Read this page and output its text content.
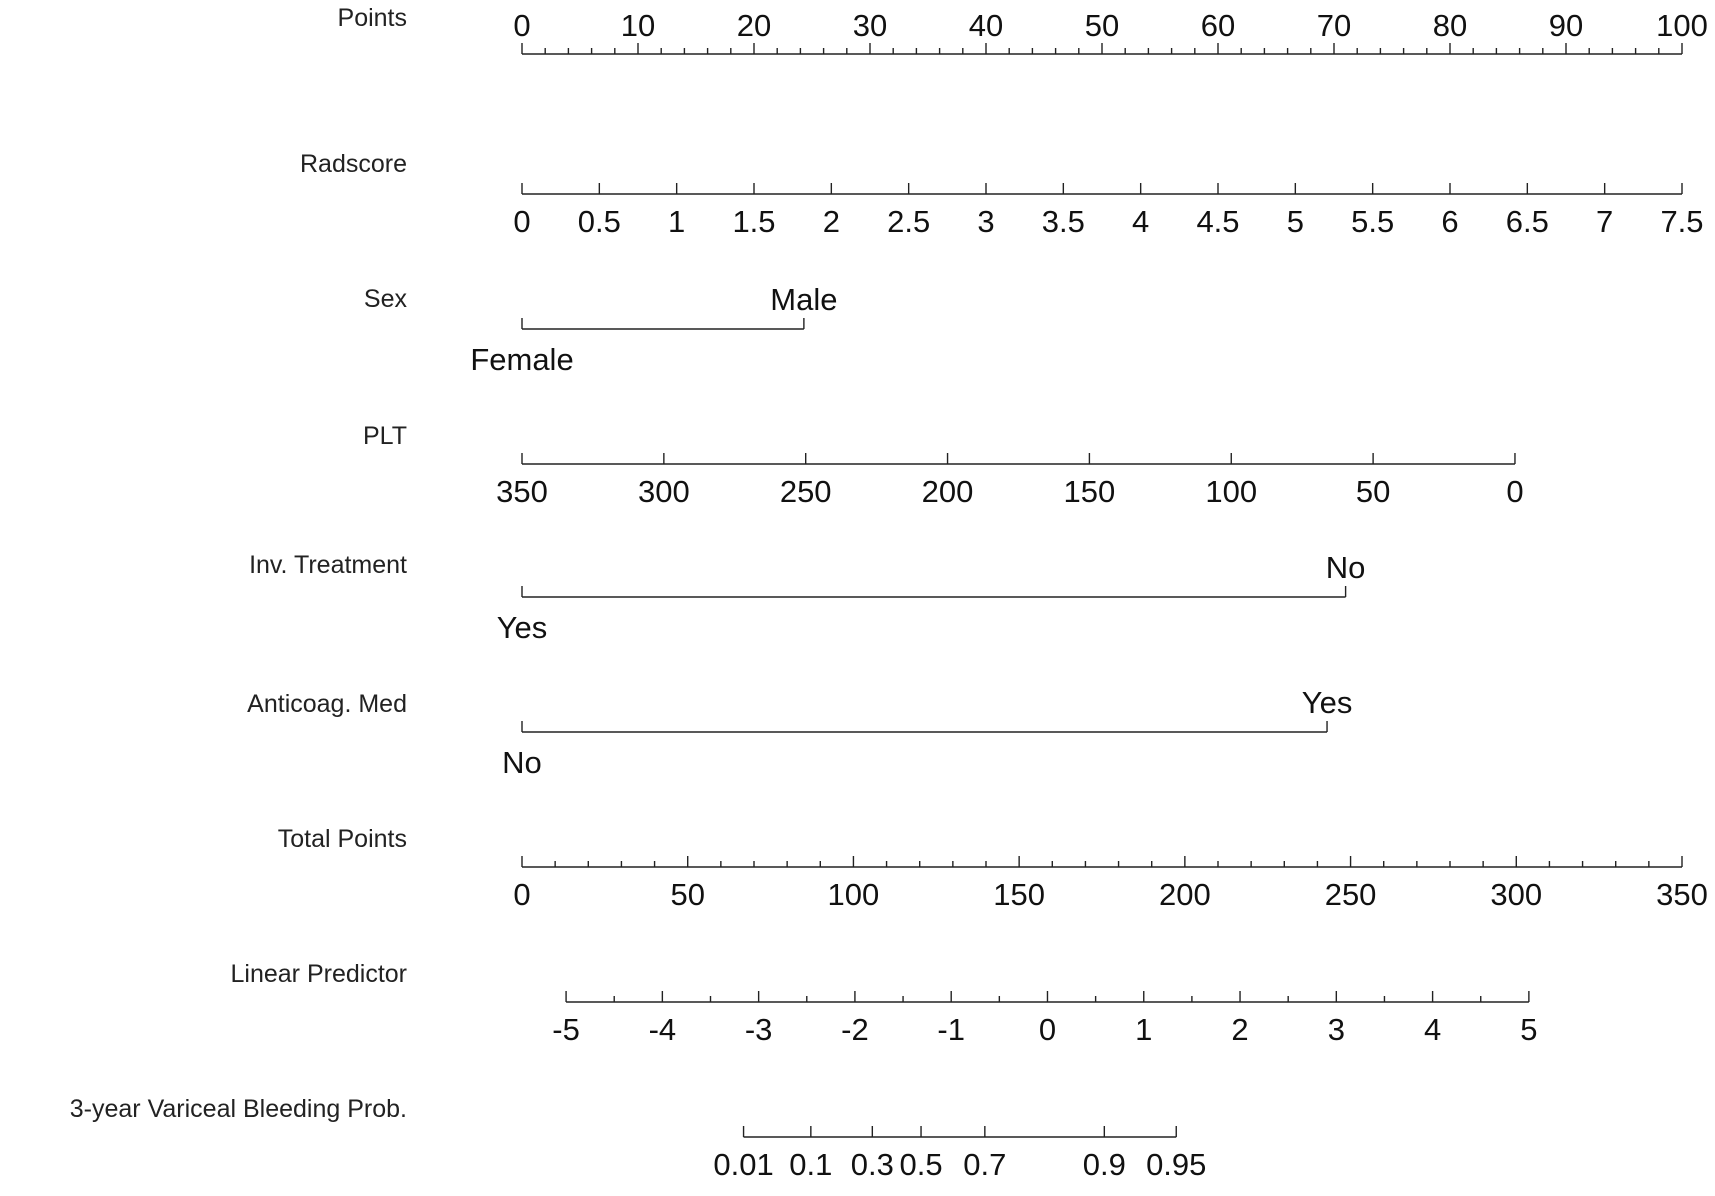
Points	0	10	20	30	40	50	60	70	80	90 100
Radscore
0 0.5 1 1.5 2 2.5 3 3.5 4 4.5 5 5.5 6 6.5 7 7.5
Sex
Female
Male
PLT
350	300	250	200	150	100	50	0
Inv. Treatment
Yes
No
Anticoag. Med
No
Yes
Total Points
0	50	100	150	200	250	300	350
Linear Predictor
-5 -4 -3 -2 -1 0	1	2	3	4	5
3-year Variceal Bleeding Prob.
0.01 0.1 0.3 0.5 0.7 0.9 0.95
